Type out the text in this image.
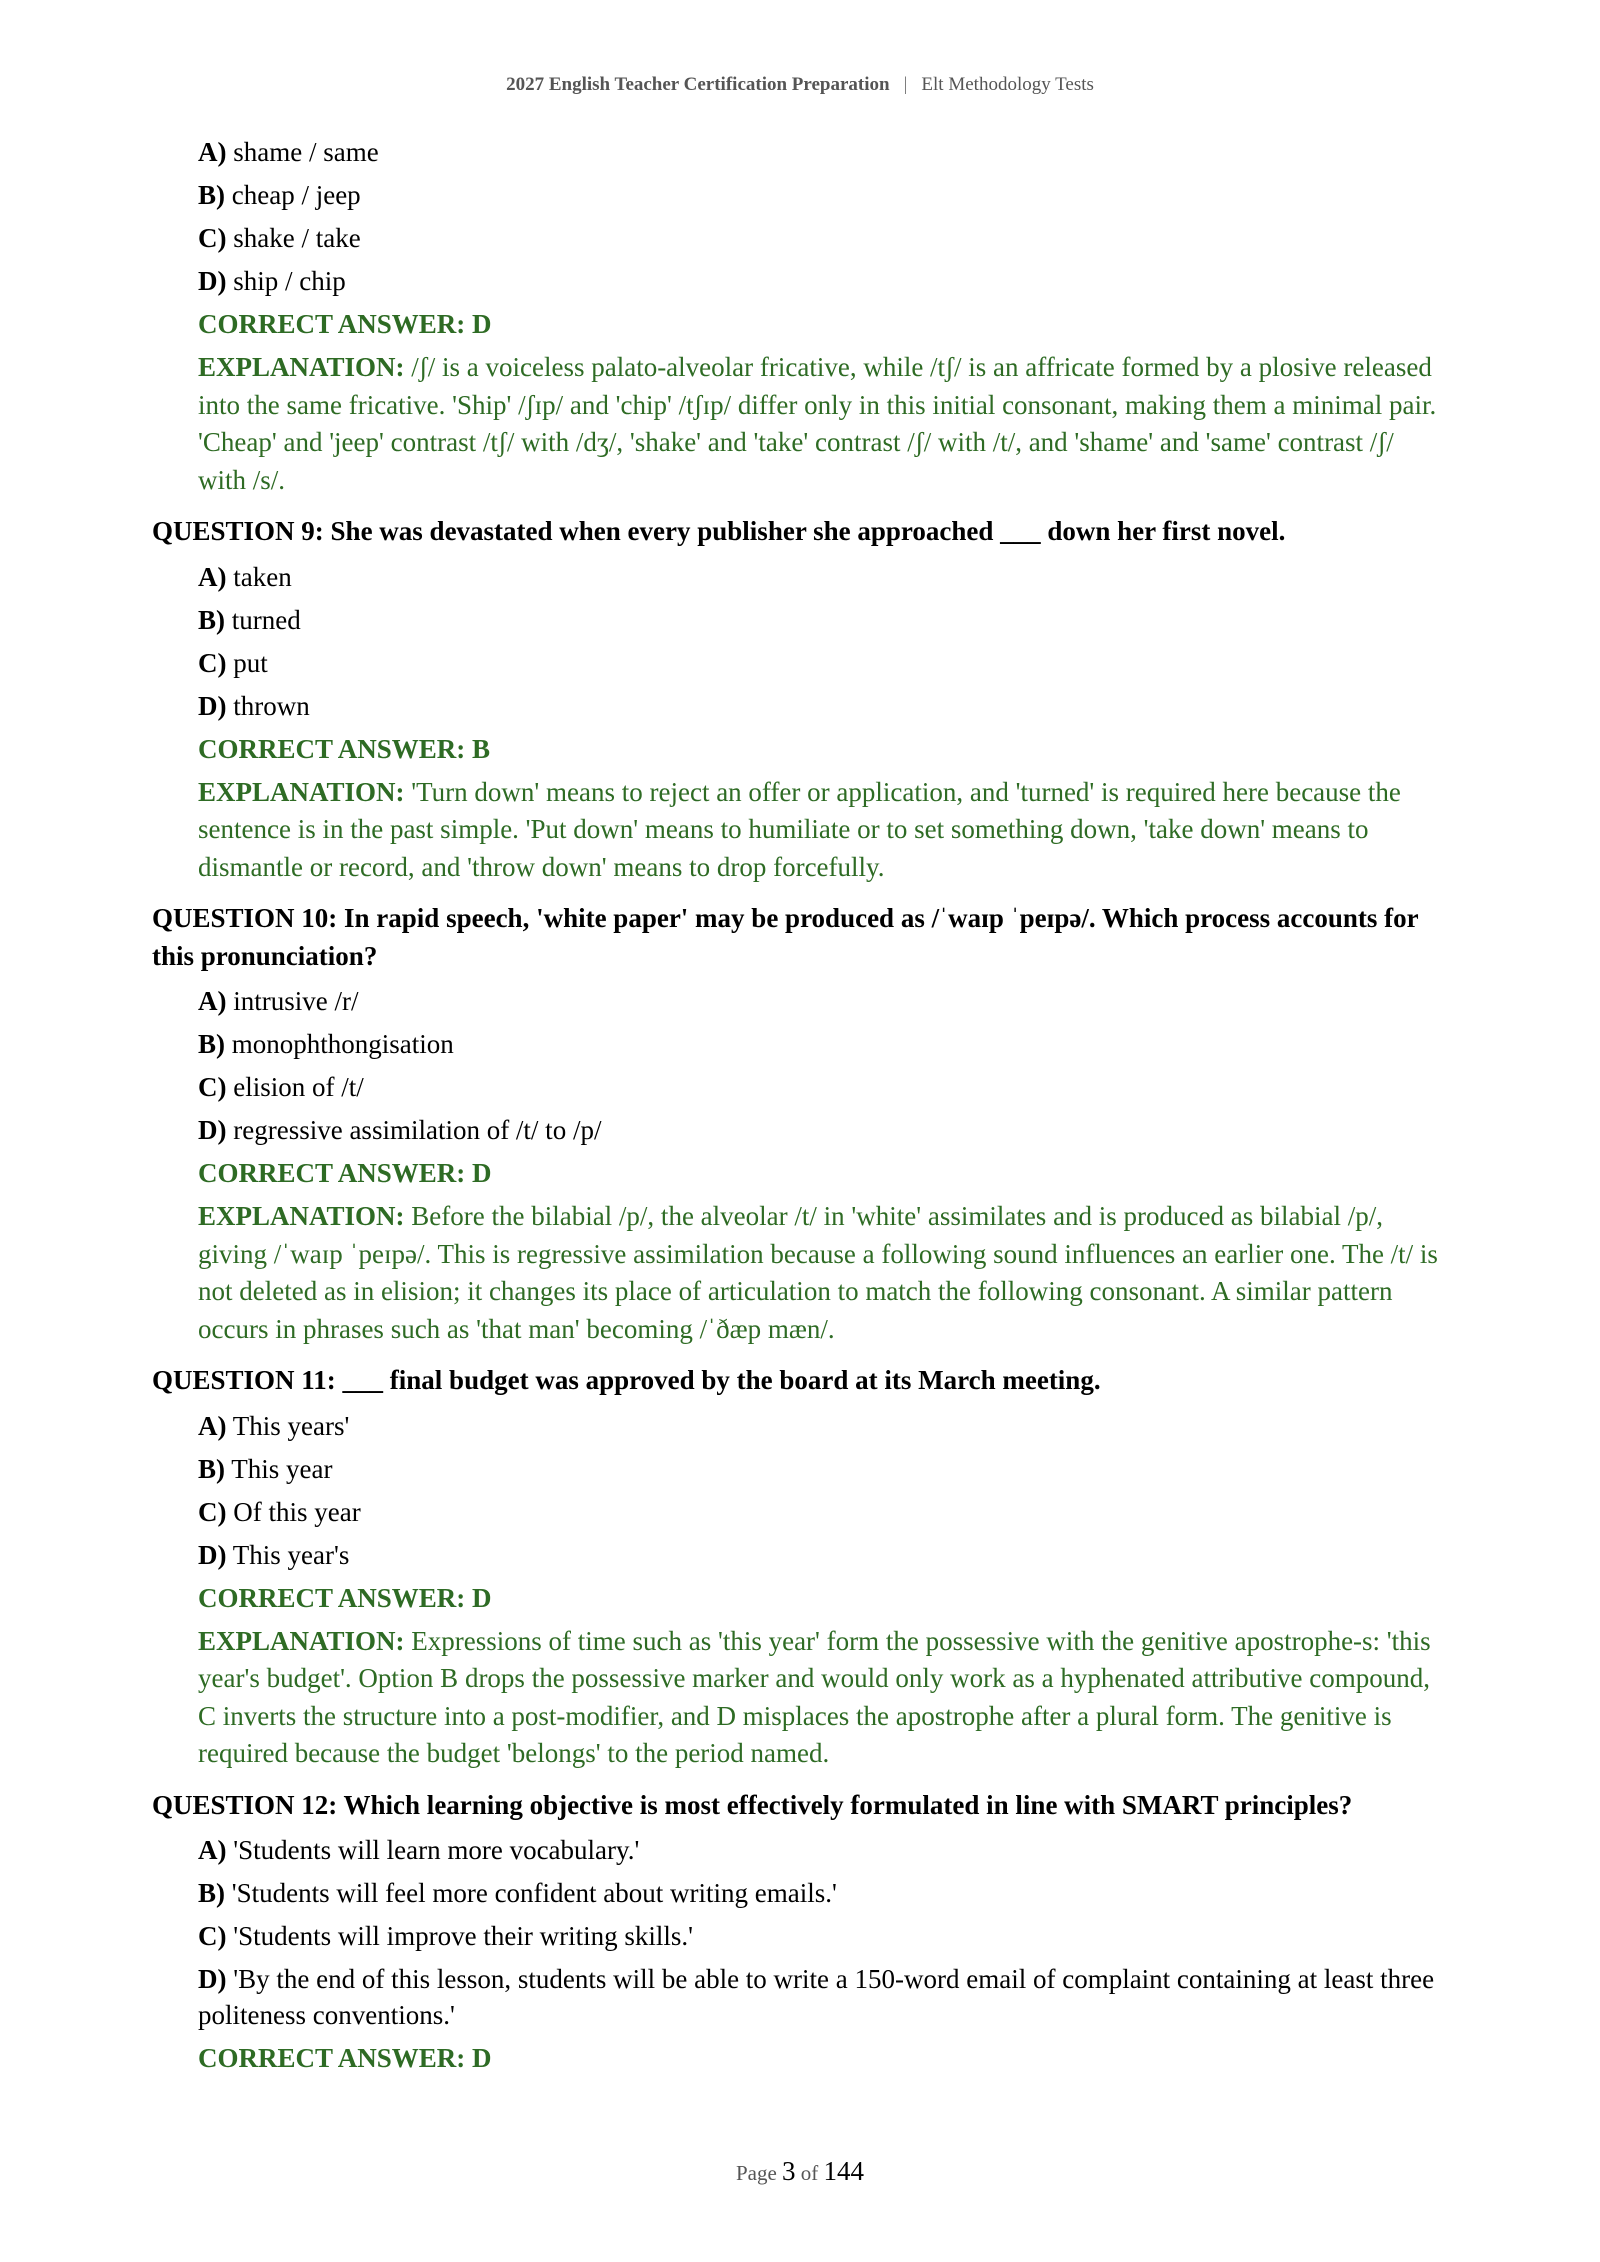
2027 English Teacher Certification Preparation | Elt Methodology Tests
A) shame / same
B) cheap / jeep
C) shake / take
D) ship / chip
CORRECT ANSWER: D
EXPLANATION: /ʃ/ is a voiceless palato-alveolar fricative, while /tʃ/ is an affricate formed by a plosive released into the same fricative. 'Ship' /ʃɪp/ and 'chip' /tʃɪp/ differ only in this initial consonant, making them a minimal pair. 'Cheap' and 'jeep' contrast /tʃ/ with /dʒ/, 'shake' and 'take' contrast /ʃ/ with /t/, and 'shame' and 'same' contrast /ʃ/ with /s/.
QUESTION 9: She was devastated when every publisher she approached ___ down her first novel.
A) taken
B) turned
C) put
D) thrown
CORRECT ANSWER: B
EXPLANATION: 'Turn down' means to reject an offer or application, and 'turned' is required here because the sentence is in the past simple. 'Put down' means to humiliate or to set something down, 'take down' means to dismantle or record, and 'throw down' means to drop forcefully.
QUESTION 10: In rapid speech, 'white paper' may be produced as /ˈwaɪp ˈpeɪpə/. Which process accounts for this pronunciation?
A) intrusive /r/
B) monophthongisation
C) elision of /t/
D) regressive assimilation of /t/ to /p/
CORRECT ANSWER: D
EXPLANATION: Before the bilabial /p/, the alveolar /t/ in 'white' assimilates and is produced as bilabial /p/, giving /ˈwaɪp ˈpeɪpə/. This is regressive assimilation because a following sound influences an earlier one. The /t/ is not deleted as in elision; it changes its place of articulation to match the following consonant. A similar pattern occurs in phrases such as 'that man' becoming /ˈðæp mæn/.
QUESTION 11: ___ final budget was approved by the board at its March meeting.
A) This years'
B) This year
C) Of this year
D) This year's
CORRECT ANSWER: D
EXPLANATION: Expressions of time such as 'this year' form the possessive with the genitive apostrophe-s: 'this year's budget'. Option B drops the possessive marker and would only work as a hyphenated attributive compound, C inverts the structure into a post-modifier, and D misplaces the apostrophe after a plural form. The genitive is required because the budget 'belongs' to the period named.
QUESTION 12: Which learning objective is most effectively formulated in line with SMART principles?
A) 'Students will learn more vocabulary.'
B) 'Students will feel more confident about writing emails.'
C) 'Students will improve their writing skills.'
D) 'By the end of this lesson, students will be able to write a 150-word email of complaint containing at least three politeness conventions.'
CORRECT ANSWER: D
Page 3 of 144
